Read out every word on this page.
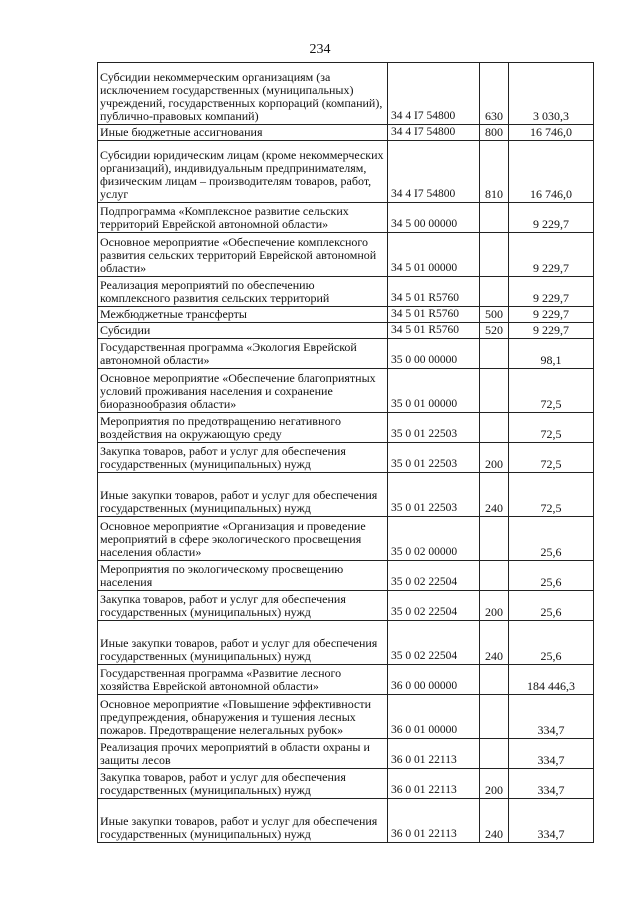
234
Субсидии некоммерческим организациям (за исключением государственных (муниципальных) учреждений, государственных корпораций (компаний), публично-правовых компаний)	34 4 I7 54800	630	3 030,3
Иные бюджетные ассигнования	34 4 I7 54800	800	16 746,0
Субсидии юридическим лицам (кроме некоммерческих организаций), индивидуальным предпринимателям, физическим лицам – производителям товаров, работ, услуг	34 4 I7 54800	810	16 746,0
Подпрограмма «Комплексное развитие сельских территорий Еврейской автономной области»	34 5 00 00000		9 229,7
Основное мероприятие «Обеспечение комплексного развития сельских территорий Еврейской автономной области»	34 5 01 00000		9 229,7
Реализация мероприятий по обеспечению комплексного развития сельских территорий	34 5 01 R5760		9 229,7
Межбюджетные трансферты	34 5 01 R5760	500	9 229,7
Субсидии	34 5 01 R5760	520	9 229,7
Государственная программа «Экология Еврейской автономной области»	35 0 00 00000		98,1
Основное мероприятие «Обеспечение благоприятных условий проживания населения и сохранение биоразнообразия области»	35 0 01 00000		72,5
Мероприятия по предотвращению негативного воздействия на окружающую среду	35 0 01 22503		72,5
Закупка товаров, работ и услуг для обеспечения государственных (муниципальных) нужд	35 0 01 22503	200	72,5
Иные закупки товаров, работ и услуг для обеспечения государственных (муниципальных) нужд	35 0 01 22503	240	72,5
Основное мероприятие «Организация и проведение мероприятий в сфере экологического просвещения населения области»	35 0 02 00000		25,6
Мероприятия по экологическому просвещению населения	35 0 02 22504		25,6
Закупка товаров, работ и услуг для обеспечения государственных (муниципальных) нужд	35 0 02 22504	200	25,6
Иные закупки товаров, работ и услуг для обеспечения государственных (муниципальных) нужд	35 0 02 22504	240	25,6
Государственная программа «Развитие лесного хозяйства Еврейской автономной области»	36 0 00 00000		184 446,3
Основное мероприятие «Повышение эффективности предупреждения, обнаружения и тушения лесных пожаров. Предотвращение нелегальных рубок»	36 0 01 00000		334,7
Реализация прочих мероприятий в области охраны и защиты лесов	36 0 01 22113		334,7
Закупка товаров, работ и услуг для обеспечения государственных (муниципальных) нужд	36 0 01 22113	200	334,7
Иные закупки товаров, работ и услуг для обеспечения государственных (муниципальных) нужд	36 0 01 22113	240	334,7
